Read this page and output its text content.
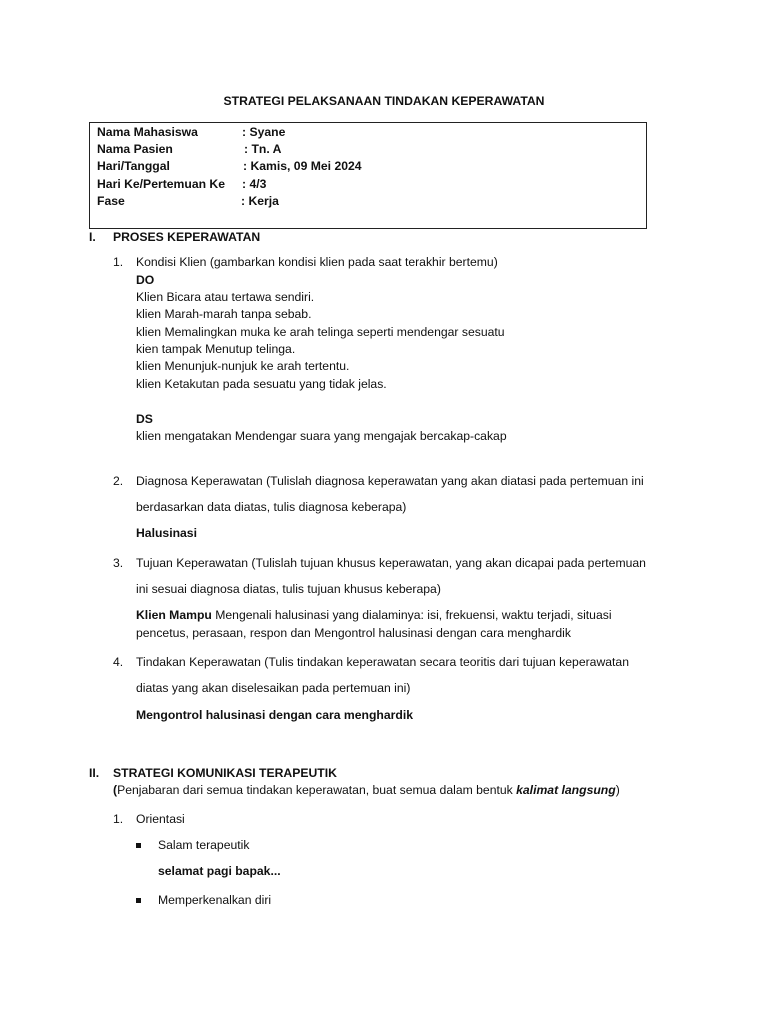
STRATEGI PELAKSANAAN TINDAKAN KEPERAWATAN
Nama Mahasiswa	: Syane
Nama Pasien	: Tn. A
Hari/Tanggal	: Kamis, 09 Mei 2024
Hari Ke/Pertemuan Ke : 4/3
Fase	: Kerja
I. PROSES KEPERAWATAN
1. Kondisi Klien (gambarkan kondisi klien pada saat terakhir bertemu)
DO
Klien Bicara atau tertawa sendiri.
klien Marah-marah tanpa sebab.
klien Memalingkan muka ke arah telinga seperti mendengar sesuatu
kien tampak Menutup telinga.
klien Menunjuk-nunjuk ke arah tertentu.
klien Ketakutan pada sesuatu yang tidak jelas.
DS
klien mengatakan Mendengar suara yang mengajak bercakap-cakap
2. Diagnosa Keperawatan (Tulislah diagnosa keperawatan yang akan diatasi pada pertemuan ini
berdasarkan data diatas, tulis diagnosa keberapa)
Halusinasi
3. Tujuan Keperawatan (Tulislah tujuan khusus keperawatan, yang akan dicapai pada pertemuan
ini sesuai diagnosa diatas, tulis tujuan khusus keberapa)
Klien Mampu Mengenali halusinasi yang dialaminya: isi, frekuensi, waktu terjadi, situasi
pencetus, perasaan, respon dan Mengontrol halusinasi dengan cara menghardik
4. Tindakan Keperawatan (Tulis tindakan keperawatan secara teoritis dari tujuan keperawatan
diatas yang akan diselesaikan pada pertemuan ini)
Mengontrol halusinasi dengan cara menghardik
II. STRATEGI KOMUNIKASI TERAPEUTIK
(Penjabaran dari semua tindakan keperawatan, buat semua dalam bentuk kalimat langsung)
1. Orientasi
Salam terapeutik
selamat pagi bapak...
Memperkenalkan diri
